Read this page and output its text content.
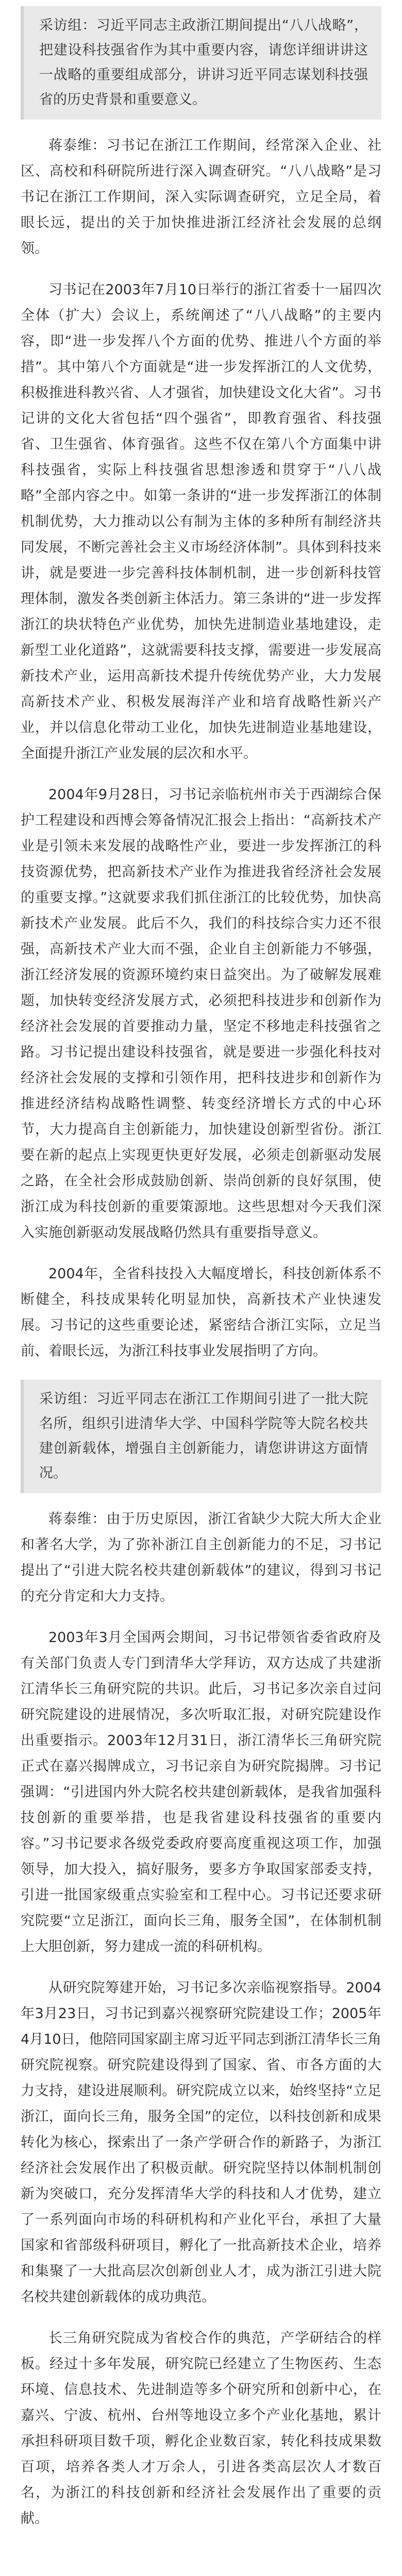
采访组：习近平同志主政浙江期间提出“八八战略”，把建设科技强省作为其中重要内容，请您详细讲讲这一战略的重要组成部分，讲讲习近平同志谋划科技强省的历史背景和重要意义。

蒋泰维：习书记在浙江工作期间，经常深入企业、社区、高校和科研院所进行深入调查研究。“八八战略”是习书记在浙江工作期间，深入实际调查研究，立足全局，着眼长远，提出的关于加快推进浙江经济社会发展的总纲领。

习书记在2003年7月10日举行的浙江省委十一届四次全体（扩大）会议上，系统阐述了“八八战略”的主要内容，即“进一步发挥八个方面的优势、推进八个方面的举措”。其中第八个方面就是“进一步发挥浙江的人文优势，积极推进科教兴省、人才强省，加快建设文化大省”。习书记讲的文化大省包括“四个强省”，即教育强省、科技强省、卫生强省、体育强省。这些不仅在第八个方面集中讲科技强省，实际上科技强省思想渗透和贯穿于“八八战略”全部内容之中。如第一条讲的“进一步发挥浙江的体制机制优势，大力推动以公有制为主体的多种所有制经济共同发展，不断完善社会主义市场经济体制”。具体到科技来讲，就是要进一步完善科技体制机制，进一步创新科技管理体制，激发各类创新主体活力。第三条讲的“进一步发挥浙江的块状特色产业优势，加快先进制造业基地建设，走新型工业化道路”，这就需要科技支撑，需要进一步发展高新技术产业，运用高新技术提升传统优势产业，大力发展高新技术产业、积极发展海洋产业和培育战略性新兴产业，并以信息化带动工业化，加快先进制造业基地建设，全面提升浙江产业发展的层次和水平。

2004年9月28日，习书记亲临杭州市关于西湖综合保护工程建设和西博会筹备情况汇报会上指出：“高新技术产业是引领未来发展的战略性产业，要进一步发挥浙江的科技资源优势，把高新技术产业作为推进我省经济社会发展的重要支撑。”这就要求我们抓住浙江的比较优势，加快高新技术产业发展。此后不久，我们的科技综合实力还不很强，高新技术产业大而不强，企业自主创新能力不够强，浙江经济发展的资源环境约束日益突出。为了破解发展难题，加快转变经济发展方式，必须把科技进步和创新作为经济社会发展的首要推动力量，坚定不移地走科技强省之路。习书记提出建设科技强省，就是要进一步强化科技对经济社会发展的支撑和引领作用，把科技进步和创新作为推进经济结构战略性调整、转变经济增长方式的中心环节，大力提高自主创新能力，加快建设创新型省份。浙江要在新的起点上实现更快更好发展，必须走创新驱动发展之路，在全社会形成鼓励创新、崇尚创新的良好氛围，使浙江成为科技创新的重要策源地。这些思想对今天我们深入实施创新驱动发展战略仍然具有重要指导意义。

2004年，全省科技投入大幅度增长，科技创新体系不断健全，科技成果转化明显加快，高新技术产业快速发展。习书记的这些重要论述，紧密结合浙江实际，立足当前、着眼长远，为浙江科技事业发展指明了方向。

采访组：习近平同志在浙江工作期间引进了一批大院名所，组织引进清华大学、中国科学院等大院名校共建创新载体，增强自主创新能力，请您讲讲这方面情况。

蒋泰维：由于历史原因，浙江省缺少大院大所大企业和著名大学，为了弥补浙江自主创新能力的不足，习书记提出了“引进大院名校共建创新载体”的建议，得到习书记的充分肯定和大力支持。

2003年3月全国两会期间，习书记带领省委省政府及有关部门负责人专门到清华大学拜访，双方达成了共建浙江清华长三角研究院的共识。此后，习书记多次亲自过问研究院建设的进展情况，多次听取汇报，对研究院建设作出重要指示。2003年12月31日，浙江清华长三角研究院正式在嘉兴揭牌成立，习书记亲自为研究院揭牌。习书记强调：“引进国内外大院名校共建创新载体，是我省加强科技创新的重要举措，也是我省建设科技强省的重要内容。”习书记要求各级党委政府要高度重视这项工作，加强领导，加大投入，搞好服务，要多方争取国家部委支持，引进一批国家级重点实验室和工程中心。习书记还要求研究院要“立足浙江，面向长三角，服务全国”，在体制机制上大胆创新，努力建成一流的科研机构。

从研究院筹建开始，习书记多次亲临视察指导。2004年3月23日，习书记到嘉兴视察研究院建设工作；2005年4月10日，他陪同国家副主席习近平同志到浙江清华长三角研究院视察。研究院建设得到了国家、省、市各方面的大力支持，建设进展顺利。研究院成立以来，始终坚持“立足浙江，面向长三角，服务全国”的定位，以科技创新和成果转化为核心，探索出了一条产学研合作的新路子，为浙江经济社会发展作出了积极贡献。研究院坚持以体制机制创新为突破口，充分发挥清华大学的科技和人才优势，建立了一系列面向市场的科研机构和产业化平台，承担了大量国家和省部级科研项目，孵化了一批高新技术企业，培养和集聚了一大批高层次创新创业人才，成为浙江引进大院名校共建创新载体的成功典范。

长三角研究院成为省校合作的典范，产学研结合的样板。经过十多年发展，研究院已经建立了生物医药、生态环境、信息技术、先进制造等多个研究所和创新中心，在嘉兴、宁波、杭州、台州等地设立多个产业化基地，累计承担科研项目数千项，孵化企业数百家，转化科技成果数百项，培养各类人才万余人，引进各类高层次人才数百名，为浙江的科技创新和经济社会发展作出了重要的贡献。
